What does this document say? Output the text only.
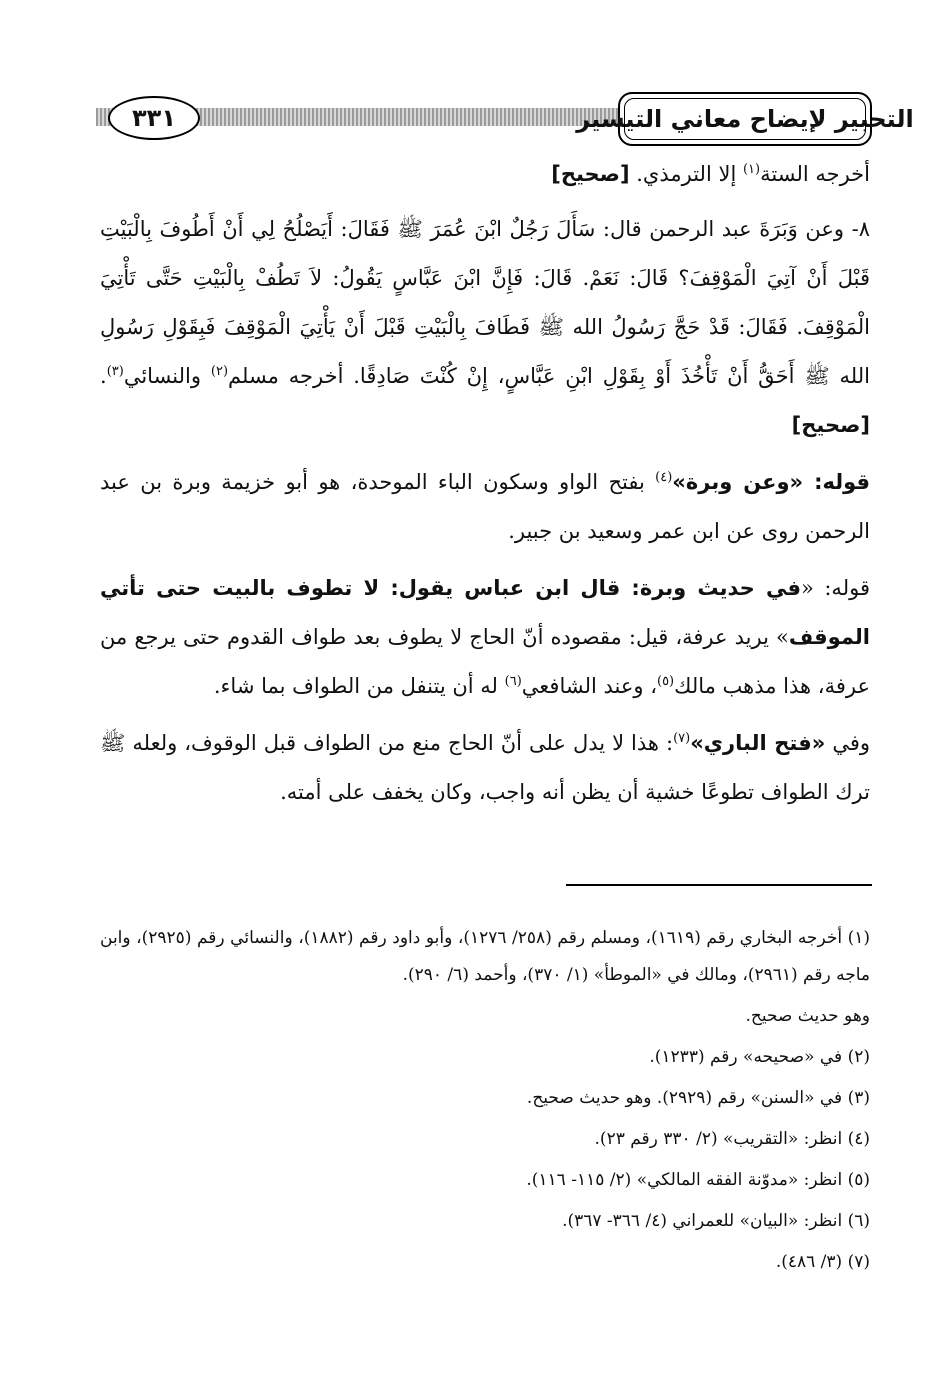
التحبير لإيضاح معاني التيسير
٣٣١

أخرجه الستة$^{(١)}$ إلا الترمذي. [صحيح]

٨- وعن وَبَرَةَ عبد الرحمن قال: سَأَلَ رَجُلٌ ابْنَ عُمَرَ ﷺ فَقَالَ: أَيَصْلُحُ لِي أَنْ أَطُوفَ بِالْبَيْتِ قَبْلَ أَنْ آتِيَ الْمَوْقِفَ؟ قَالَ: نَعَمْ. قَالَ: فَإِنَّ ابْنَ عَبَّاسٍ يَقُولُ: لاَ تَطُفْ بِالْبَيْتِ حَتَّى تَأْتِيَ الْمَوْقِفَ. فَقَالَ: قَدْ حَجَّ رَسُولُ الله ﷺ فَطَافَ بِالْبَيْتِ قَبْلَ أَنْ يَأْتِيَ الْمَوْقِفَ فَبِقَوْلِ رَسُولِ الله ﷺ أَحَقُّ أَنْ تَأْخُذَ أَوْ بِقَوْلِ ابْنِ عَبَّاسٍ، إِنْ كُنْتَ صَادِقًا. أخرجه مسلم$^{(٢)}$ والنسائي$^{(٣)}$. [صحيح]

قوله: «وعن وبرة»$^{(٤)}$ بفتح الواو وسكون الباء الموحدة، هو أبو خزيمة وبرة بن عبد الرحمن روى عن ابن عمر وسعيد بن جبير.

قوله: «في حديث وبرة: قال ابن عباس يقول: لا تطوف بالبيت حتى تأتي الموقف» يريد عرفة، قيل: مقصوده أنّ الحاج لا يطوف بعد طواف القدوم حتى يرجع من عرفة، هذا مذهب مالك$^{(٥)}$، وعند الشافعي$^{(٦)}$ له أن يتنفل من الطواف بما شاء.

وفي «فتح الباري»$^{(٧)}$: هذا لا يدل على أنّ الحاج منع من الطواف قبل الوقوف، ولعله ﷺ ترك الطواف تطوعًا خشية أن يظن أنه واجب، وكان يخفف على أمته.

(١) أخرجه البخاري رقم (١٦١٩)، ومسلم رقم (٢٥٨/ ١٢٧٦)، وأبو داود رقم (١٨٨٢)، والنسائي رقم (٢٩٢٥)، وابن ماجه رقم (٢٩٦١)، ومالك في «الموطأ» (١/ ٣٧٠)، وأحمد (٦/ ٢٩٠).

وهو حديث صحيح.

(٢) في «صحيحه» رقم (١٢٣٣).

(٣) في «السنن» رقم (٢٩٢٩). وهو حديث صحيح.

(٤) انظر: «التقريب» (٢/ ٣٣٠ رقم ٢٣).

(٥) انظر: «مدوّنة الفقه المالكي» (٢/ ١١٥- ١١٦).

(٦) انظر: «البيان» للعمراني (٤/ ٣٦٦- ٣٦٧).

(٧) (٣/ ٤٨٦).
